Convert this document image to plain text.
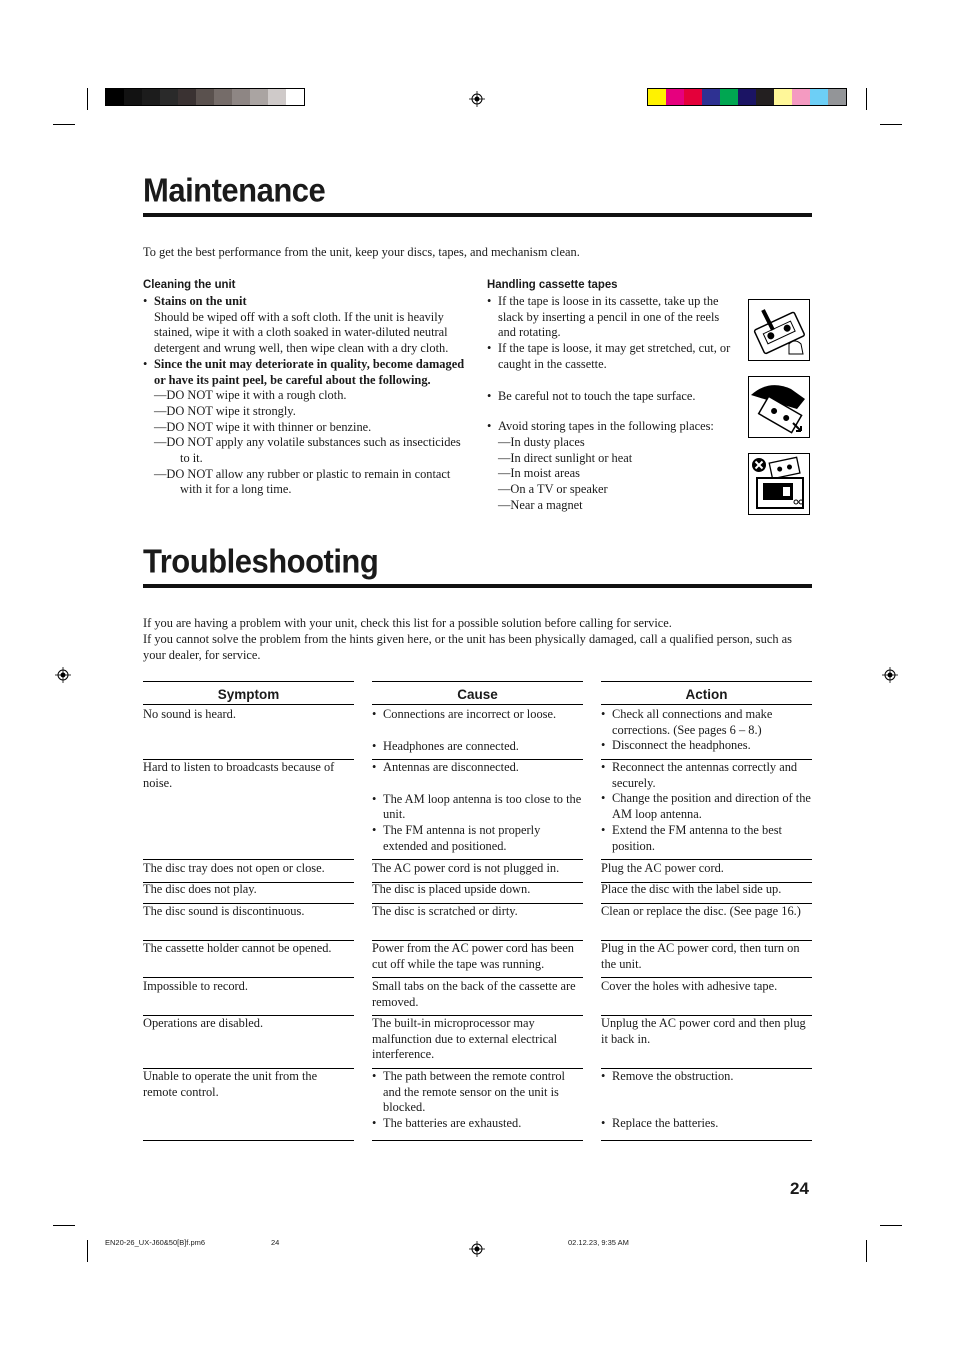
Maintenance

To get the best performance from the unit, keep your discs, tapes, and mechanism clean.

Cleaning the unit
• Stains on the unit
Should be wiped off with a soft cloth. If the unit is heavily stained, wipe it with a cloth soaked in water-diluted neutral detergent and wrung well, then wipe clean with a dry cloth.
• Since the unit may deteriorate in quality, become damaged or have its paint peel, be careful about the following.
—DO NOT wipe it with a rough cloth.
—DO NOT wipe it strongly.
—DO NOT wipe it with thinner or benzine.
—DO NOT apply any volatile substances such as insecticides to it.
—DO NOT allow any rubber or plastic to remain in contact with it for a long time.
Handling cassette tapes
• If the tape is loose in its cassette, take up the slack by inserting a pencil in one of the reels and rotating.
• If the tape is loose, it may get stretched, cut, or caught in the cassette.
• Be careful not to touch the tape surface.
• Avoid storing tapes in the following places:
—In dusty places
—In direct sunlight or heat
—In moist areas
—On a TV or speaker
—Near a magnet
Troubleshooting

If you are having a problem with your unit, check this list for a possible solution before calling for service.

If you cannot solve the problem from the hints given here, or the unit has been physically damaged, call a qualified person, such as your dealer, for service.

Symptom
No sound is heard.
Hard to listen to broadcasts because of noise.
The disc tray does not open or close.
The disc does not play.
The disc sound is discontinuous.
The cassette holder cannot be opened.
Impossible to record.
Operations are disabled.
Unable to operate the unit from the remote control.
Cause
• Connections are incorrect or loose.
• Headphones are connected.
• Antennas are disconnected.
• The AM loop antenna is too close to the unit.
• The FM antenna is not properly extended and positioned.
The AC power cord is not plugged in.
The disc is placed upside down.
The disc is scratched or dirty.
Power from the AC power cord has been cut off while the tape was running.
Small tabs on the back of the cassette are removed.
The built-in microprocessor may malfunction due to external electrical interference.
• The path between the remote control and the remote sensor on the unit is blocked.
• The batteries are exhausted.
Action
• Check all connections and make corrections. (See pages 6 – 8.)
• Disconnect the headphones.
• Reconnect the antennas correctly and securely.
• Change the position and direction of the AM loop antenna.
• Extend the FM antenna to the best position.
Plug the AC power cord.
Place the disc with the label side up.
Clean or replace the disc. (See page 16.)
Plug in the AC power cord, then turn on the unit.
Cover the holes with adhesive tape.
Unplug the AC power cord and then plug it back in.
• Remove the obstruction.
• Replace the batteries.
24
EN20-26_UX-J60&50[B]f.pm6	24	02.12.23, 9:35 AM
